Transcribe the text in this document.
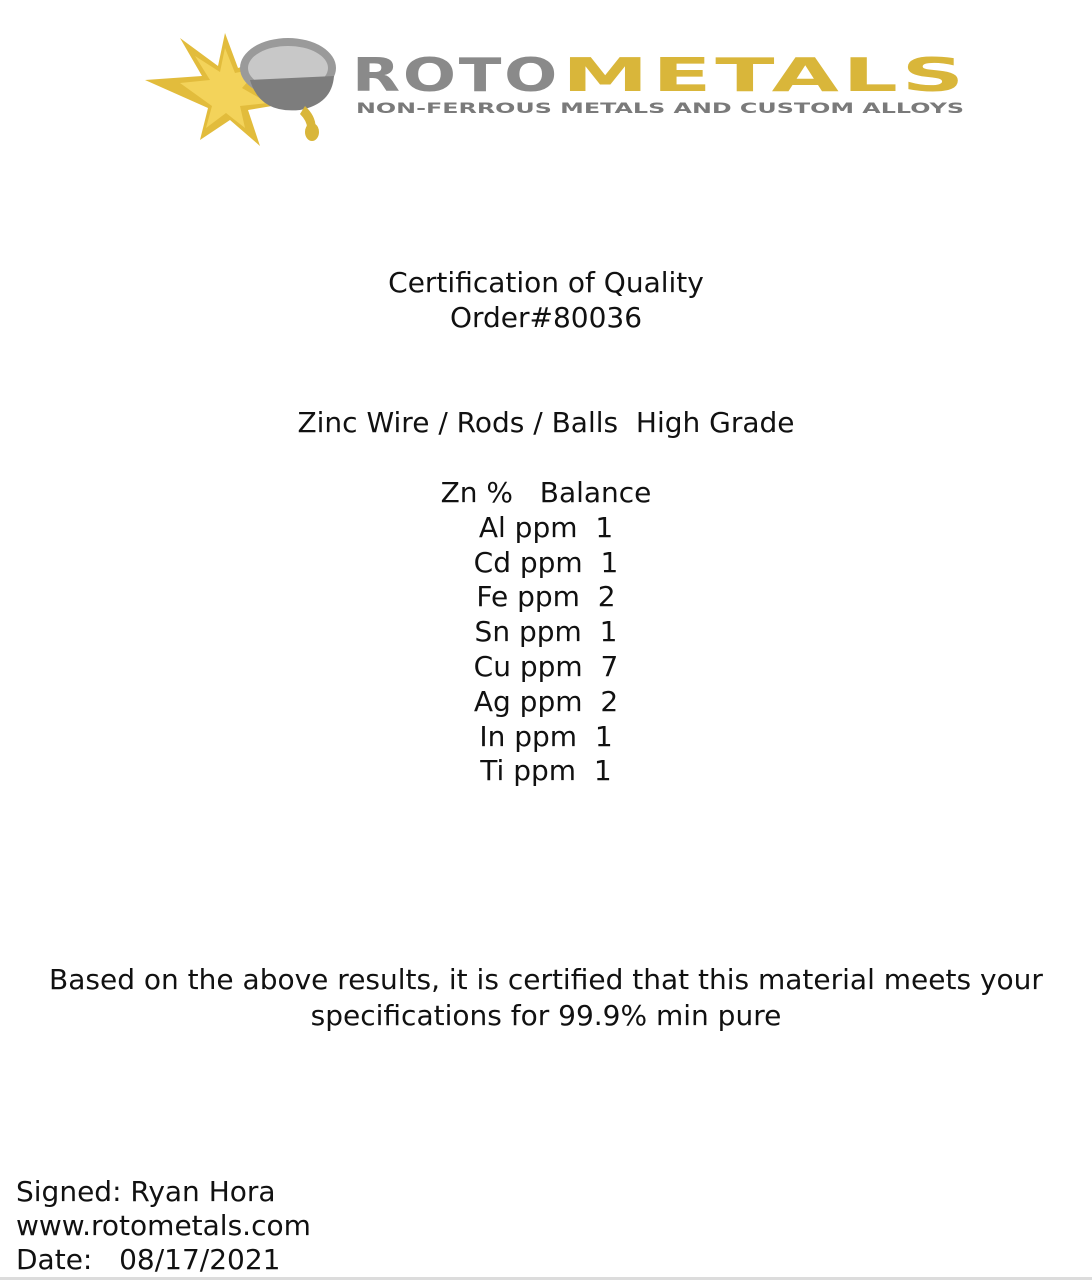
ROTO METALS
NON-FERROUS METALS AND CUSTOM ALLOYS
Certification of Quality
Order#80036
Zinc Wire / Rods / Balls  High Grade
Zn % Balance
Al ppm 1
Cd ppm 1
Fe ppm 2
Sn ppm 1
Cu ppm 7
Ag ppm 2
In ppm 1
Ti ppm 1
Based on the above results, it is certified that this material meets your
specifications for 99.9% min pure
Signed: Ryan Hora
www.rotometals.com
Date: 08/17/2021
